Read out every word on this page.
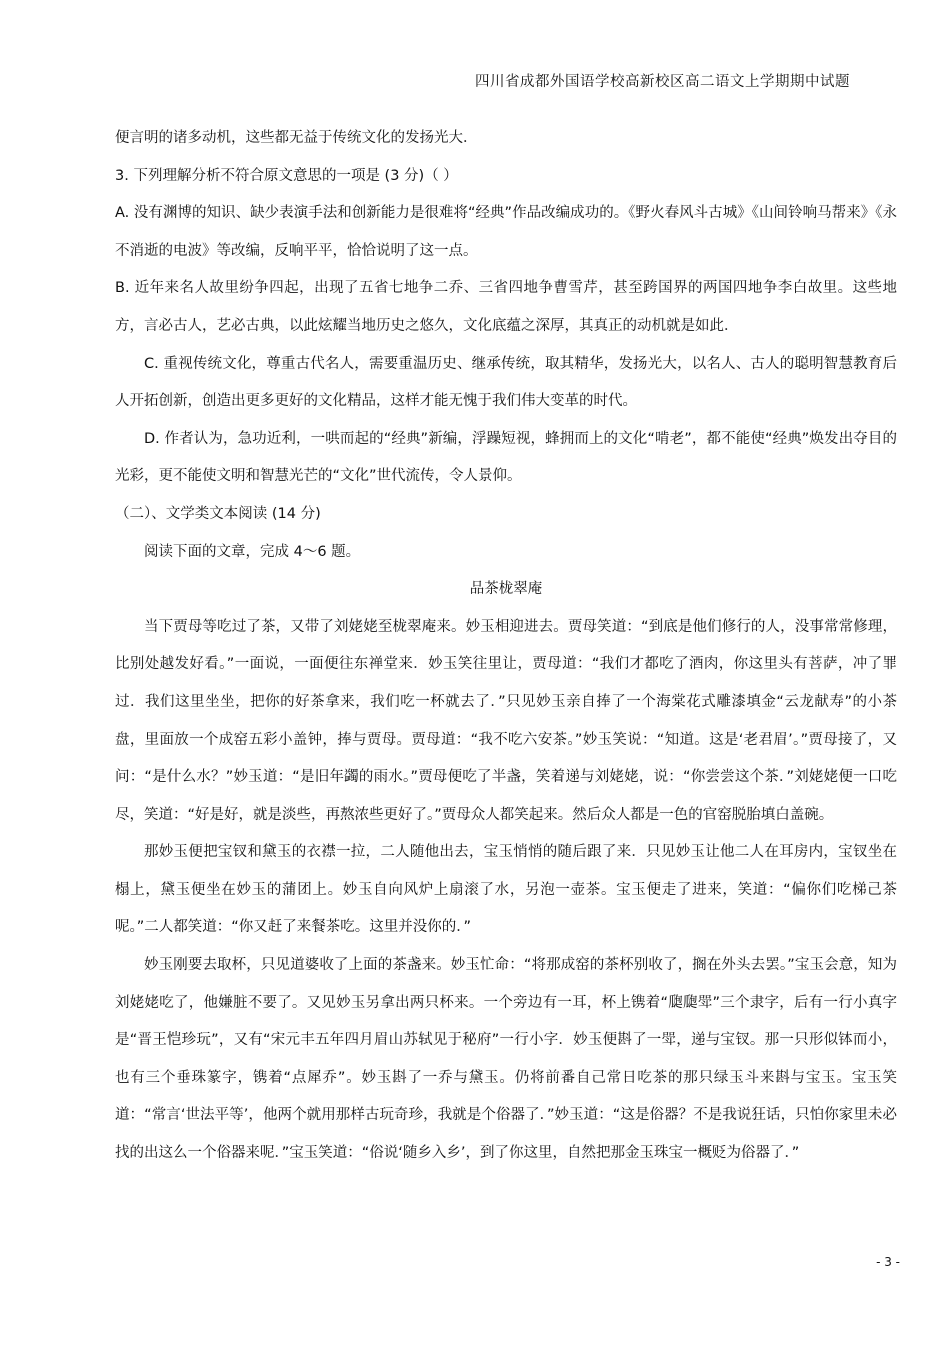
四川省成都外国语学校高新校区高二语文上学期期中试题

便言明的诸多动机，这些都无益于传统文化的发扬光大．

3. 下列理解分析不符合原文意思的一项是 (3 分)（ ）

A. 没有渊博的知识、缺少表演手法和创新能力是很难将“经典”作品改编成功的。《野火春风斗古城》《山间铃响马帮来》《永不消逝的电波》等改编，反响平平，恰恰说明了这一点。

B. 近年来名人故里纷争四起，出现了五省七地争二乔、三省四地争曹雪芹，甚至跨国界的两国四地争李白故里。这些地方，言必古人，艺必古典，以此炫耀当地历史之悠久，文化底蕴之深厚，其真正的动机就是如此．

C. 重视传统文化，尊重古代名人，需要重温历史、继承传统，取其精华，发扬光大，以名人、古人的聪明智慧教育后人开拓创新，创造出更多更好的文化精品，这样才能无愧于我们伟大变革的时代。

D. 作者认为，急功近利，一哄而起的“经典”新编，浮躁短视，蜂拥而上的文化“啃老”，都不能使“经典”焕发出夺目的光彩，更不能使文明和智慧光芒的“文化”世代流传，令人景仰。

（二）、文学类文本阅读 (14 分)

阅读下面的文章，完成 4～6 题。

品茶栊翠庵

当下贾母等吃过了茶，又带了刘姥姥至栊翠庵来。妙玉相迎进去。贾母笑道：“到底是他们修行的人，没事常常修理，比别处越发好看。”一面说，一面便往东禅堂来．妙玉笑往里让，贾母道：“我们才都吃了酒肉，你这里头有菩萨，冲了罪过．我们这里坐坐，把你的好茶拿来，我们吃一杯就去了．”只见妙玉亲自捧了一个海棠花式雕漆填金“云龙献寿”的小茶盘，里面放一个成窑五彩小盖钟，捧与贾母。贾母道：“我不吃六安茶。”妙玉笑说：“知道。这是‘老君眉’。”贾母接了，又问：“是什么水？”妙玉道：“是旧年蠲的雨水。”贾母便吃了半盏，笑着递与刘姥姥，说：“你尝尝这个茶．”刘姥姥便一口吃尽，笑道：“好是好，就是淡些，再熬浓些更好了。”贾母众人都笑起来。然后众人都是一色的官窑脱胎填白盖碗。

那妙玉便把宝钗和黛玉的衣襟一拉，二人随他出去，宝玉悄悄的随后跟了来．只见妙玉让他二人在耳房内，宝钗坐在榻上，黛玉便坐在妙玉的蒲团上。妙玉自向风炉上扇滚了水，另泡一壶茶。宝玉便走了进来，笑道：“偏你们吃梯己茶呢。”二人都笑道：“你又赶了来餐茶吃。这里并没你的．”

妙玉刚要去取杯，只见道婆收了上面的茶盏来。妙玉忙命：“将那成窑的茶杯别收了，搁在外头去罢。”宝玉会意，知为刘姥姥吃了，他嫌脏不要了。又见妙玉另拿出两只杯来。一个旁边有一耳，杯上镌着“瓟瓟斝”三个隶字，后有一行小真字是“晋王恺珍玩”，又有“宋元丰五年四月眉山苏轼见于秘府”一行小字．妙玉便斟了一斝，递与宝钗。那一只形似钵而小，也有三个垂珠篆字，镌着“点犀乔”。妙玉斟了一乔与黛玉。仍将前番自己常日吃茶的那只绿玉斗来斟与宝玉。宝玉笑道：“常言‘世法平等’，他两个就用那样古玩奇珍，我就是个俗器了．”妙玉道：“这是俗器？不是我说狂话，只怕你家里未必找的出这么一个俗器来呢．”宝玉笑道：“俗说‘随乡入乡’，到了你这里，自然把那金玉珠宝一概贬为俗器了．”

- 3 -
